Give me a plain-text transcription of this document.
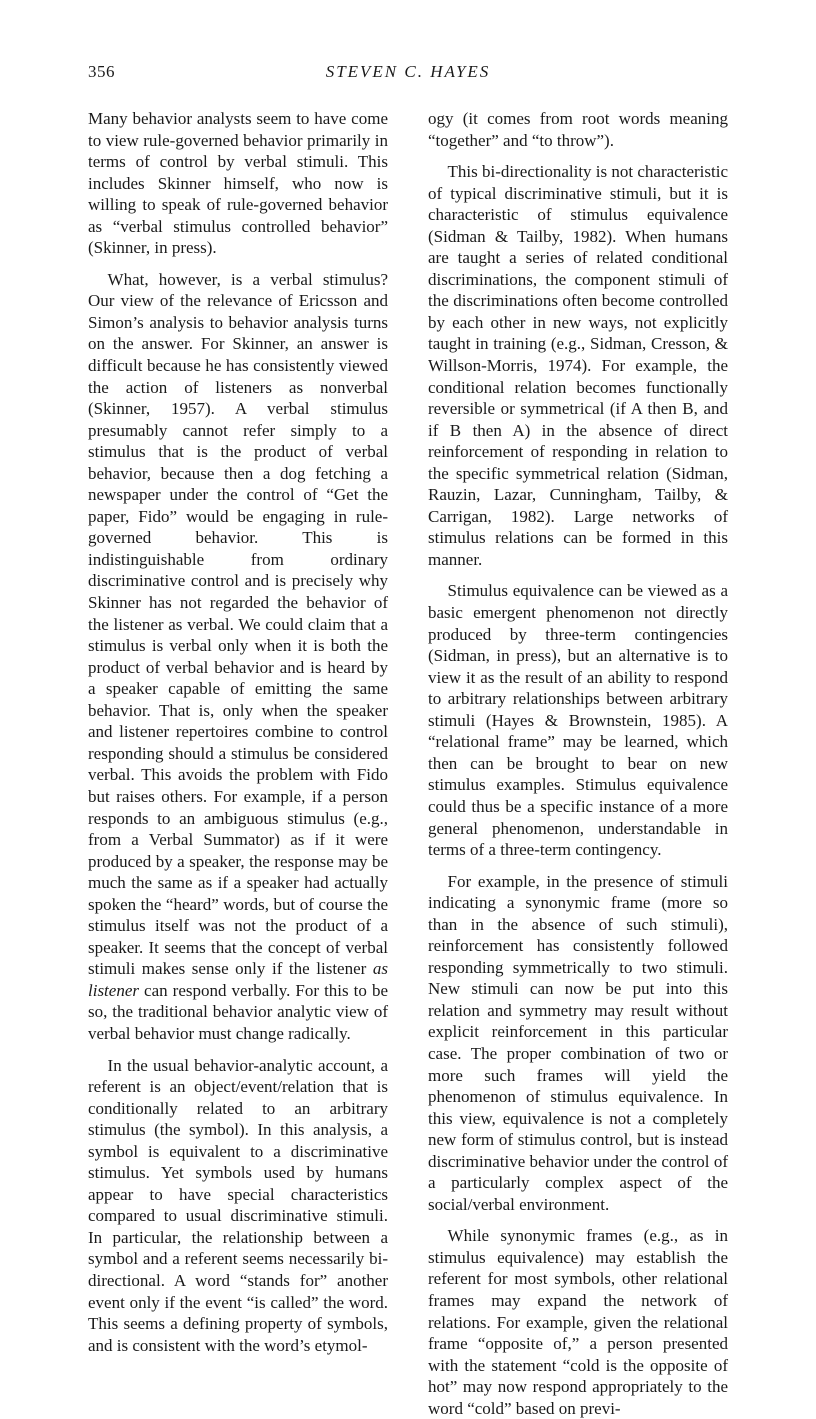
356	STEVEN C. HAYES

Many behavior analysts seem to have come to view rule-governed behavior primarily in terms of control by verbal stimuli. This includes Skinner himself, who now is willing to speak of rule-governed behavior as “verbal stimulus controlled behavior” (Skinner, in press).

What, however, is a verbal stimulus? Our view of the relevance of Ericsson and Simon’s analysis to behavior analysis turns on the answer. For Skinner, an answer is difficult because he has consistently viewed the action of listeners as nonverbal (Skinner, 1957). A verbal stimulus presumably cannot refer simply to a stimulus that is the product of verbal behavior, because then a dog fetching a newspaper under the control of “Get the paper, Fido” would be engaging in rule-governed behavior. This is indistinguishable from ordinary discriminative control and is precisely why Skinner has not regarded the behavior of the listener as verbal. We could claim that a stimulus is verbal only when it is both the product of verbal behavior and is heard by a speaker capable of emitting the same behavior. That is, only when the speaker and listener repertoires combine to control responding should a stimulus be considered verbal. This avoids the problem with Fido but raises others. For example, if a person responds to an ambiguous stimulus (e.g., from a Verbal Summator) as if it were produced by a speaker, the response may be much the same as if a speaker had actually spoken the “heard” words, but of course the stimulus itself was not the product of a speaker. It seems that the concept of verbal stimuli makes sense only if the listener as listener can respond verbally. For this to be so, the traditional behavior analytic view of verbal behavior must change radically.

In the usual behavior-analytic account, a referent is an object/event/relation that is conditionally related to an arbitrary stimulus (the symbol). In this analysis, a symbol is equivalent to a discriminative stimulus. Yet symbols used by humans appear to have special characteristics compared to usual discriminative stimuli. In particular, the relationship between a symbol and a referent seems necessarily bi-directional. A word “stands for” another event only if the event “is called” the word. This seems a defining property of symbols, and is consistent with the word’s etymol-

ogy (it comes from root words meaning “together” and “to throw”).

This bi-directionality is not characteristic of typical discriminative stimuli, but it is characteristic of stimulus equivalence (Sidman & Tailby, 1982). When humans are taught a series of related conditional discriminations, the component stimuli of the discriminations often become controlled by each other in new ways, not explicitly taught in training (e.g., Sidman, Cresson, & Willson-Morris, 1974). For example, the conditional relation becomes functionally reversible or symmetrical (if A then B, and if B then A) in the absence of direct reinforcement of responding in relation to the specific symmetrical relation (Sidman, Rauzin, Lazar, Cunningham, Tailby, & Carrigan, 1982). Large networks of stimulus relations can be formed in this manner.

Stimulus equivalence can be viewed as a basic emergent phenomenon not directly produced by three-term contingencies (Sidman, in press), but an alternative is to view it as the result of an ability to respond to arbitrary relationships between arbitrary stimuli (Hayes & Brownstein, 1985). A “relational frame” may be learned, which then can be brought to bear on new stimulus examples. Stimulus equivalence could thus be a specific instance of a more general phenomenon, understandable in terms of a three-term contingency.

For example, in the presence of stimuli indicating a synonymic frame (more so than in the absence of such stimuli), reinforcement has consistently followed responding symmetrically to two stimuli. New stimuli can now be put into this relation and symmetry may result without explicit reinforcement in this particular case. The proper combination of two or more such frames will yield the phenomenon of stimulus equivalence. In this view, equivalence is not a completely new form of stimulus control, but is instead discriminative behavior under the control of a particularly complex aspect of the social/verbal environment.

While synonymic frames (e.g., as in stimulus equivalence) may establish the referent for most symbols, other relational frames may expand the network of relations. For example, given the relational frame “opposite of,” a person presented with the statement “cold is the opposite of hot” may now respond appropriately to the word “cold” based on previ-
